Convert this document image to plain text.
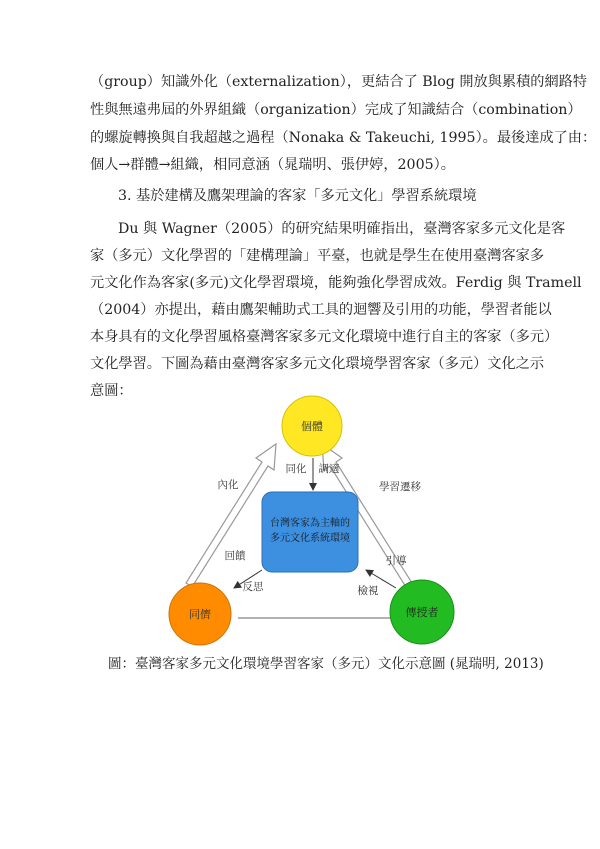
（group）知識外化（externalization），更結合了 Blog 開放與累積的網路特
性與無遠弗屆的外界組織（organization）完成了知識結合（combination）
的螺旋轉換與自我超越之過程（Nonaka & Takeuchi, 1995）。最後達成了由：
個人→群體→組織，相同意涵（晁瑞明、張伊婷，2005）。
3. 基於建構及鷹架理論的客家「多元文化」學習系統環境
Du 與 Wagner（2005）的研究結果明確指出，臺灣客家多元文化是客
家（多元）文化學習的「建構理論」平臺，也就是學生在使用臺灣客家多
元文化作為客家(多元)文化學習環境，能夠強化學習成效。Ferdig 與 Tramell
（2004）亦提出，藉由鷹架輔助式工具的迴響及引用的功能，學習者能以
本身具有的文化學習風格臺灣客家多元文化環境中進行自主的客家（多元）
文化學習。下圖為藉由臺灣客家多元文化環境學習客家（多元）文化之示
意圖：
台灣客家為主軸的
多元文化系統環境
個體
同儕	傳授者
內化
同化 調適
學習遷移
回饋
反思
引導
檢視
圖：臺灣客家多元文化環境學習客家（多元）文化示意圖 (晁瑞明, 2013)
